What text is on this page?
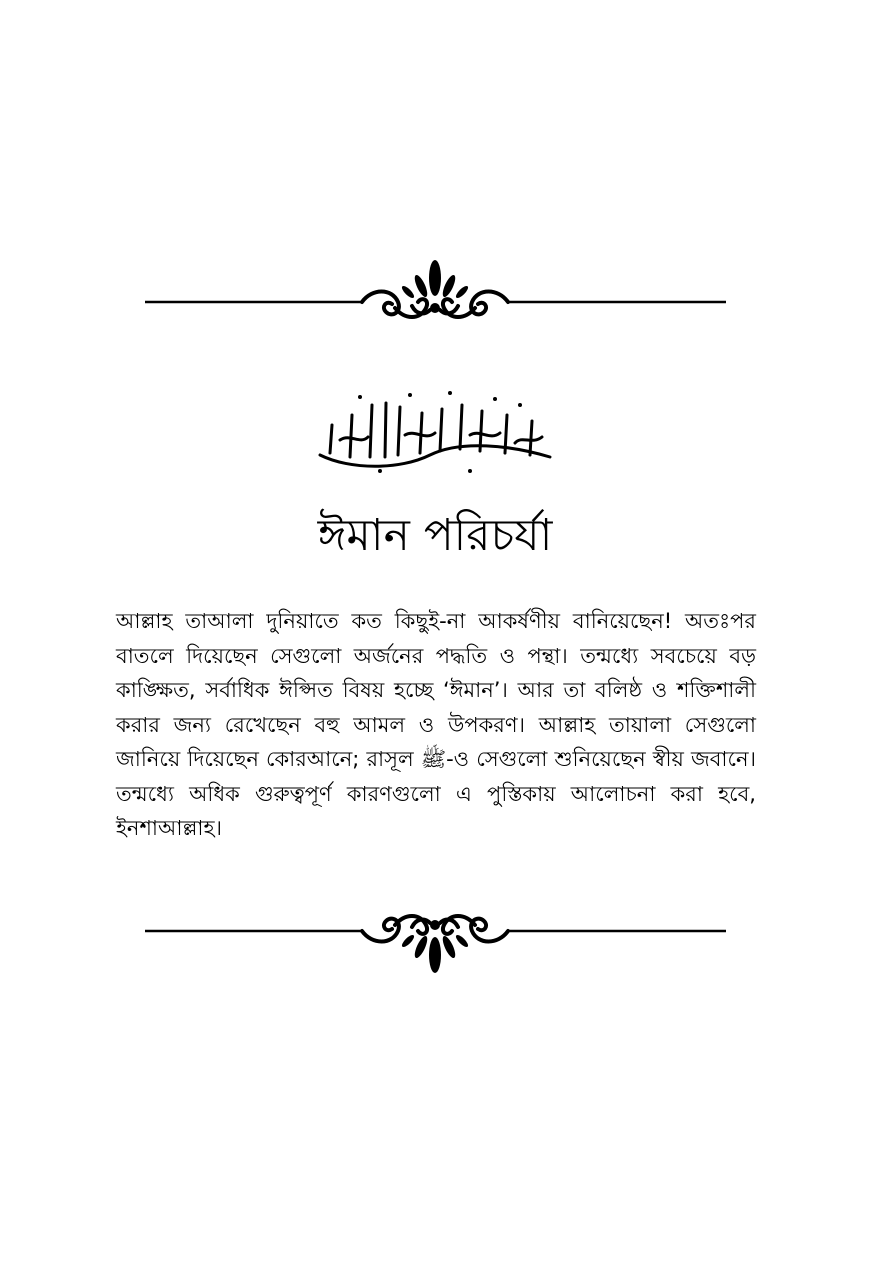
ঈমান পরিচর্যা
আল্লাহ তাআলা দুনিয়াতে কত কিছুই-না আকর্ষণীয় বানিয়েছেন! অতঃপর বাতলে দিয়েছেন সেগুলো অর্জনের পদ্ধতি ও পন্থা। তন্মধ্যে সবচেয়ে বড় কাঙ্ক্ষিত, সর্বাধিক ঈপ্সিত বিষয় হচ্ছে ‘ঈমান’। আর তা বলিষ্ঠ ও শক্তিশালী করার জন্য রেখেছেন বহু আমল ও উপকরণ। আল্লাহ তায়ালা সেগুলো জানিয়ে দিয়েছেন কোরআনে; রাসূল ﷺ-ও সেগুলো শুনিয়েছেন স্বীয় জবানে। তন্মধ্যে অধিক গুরুত্বপূর্ণ কারণগুলো এ পুস্তিকায় আলোচনা করা হবে, ইনশাআল্লাহ।
